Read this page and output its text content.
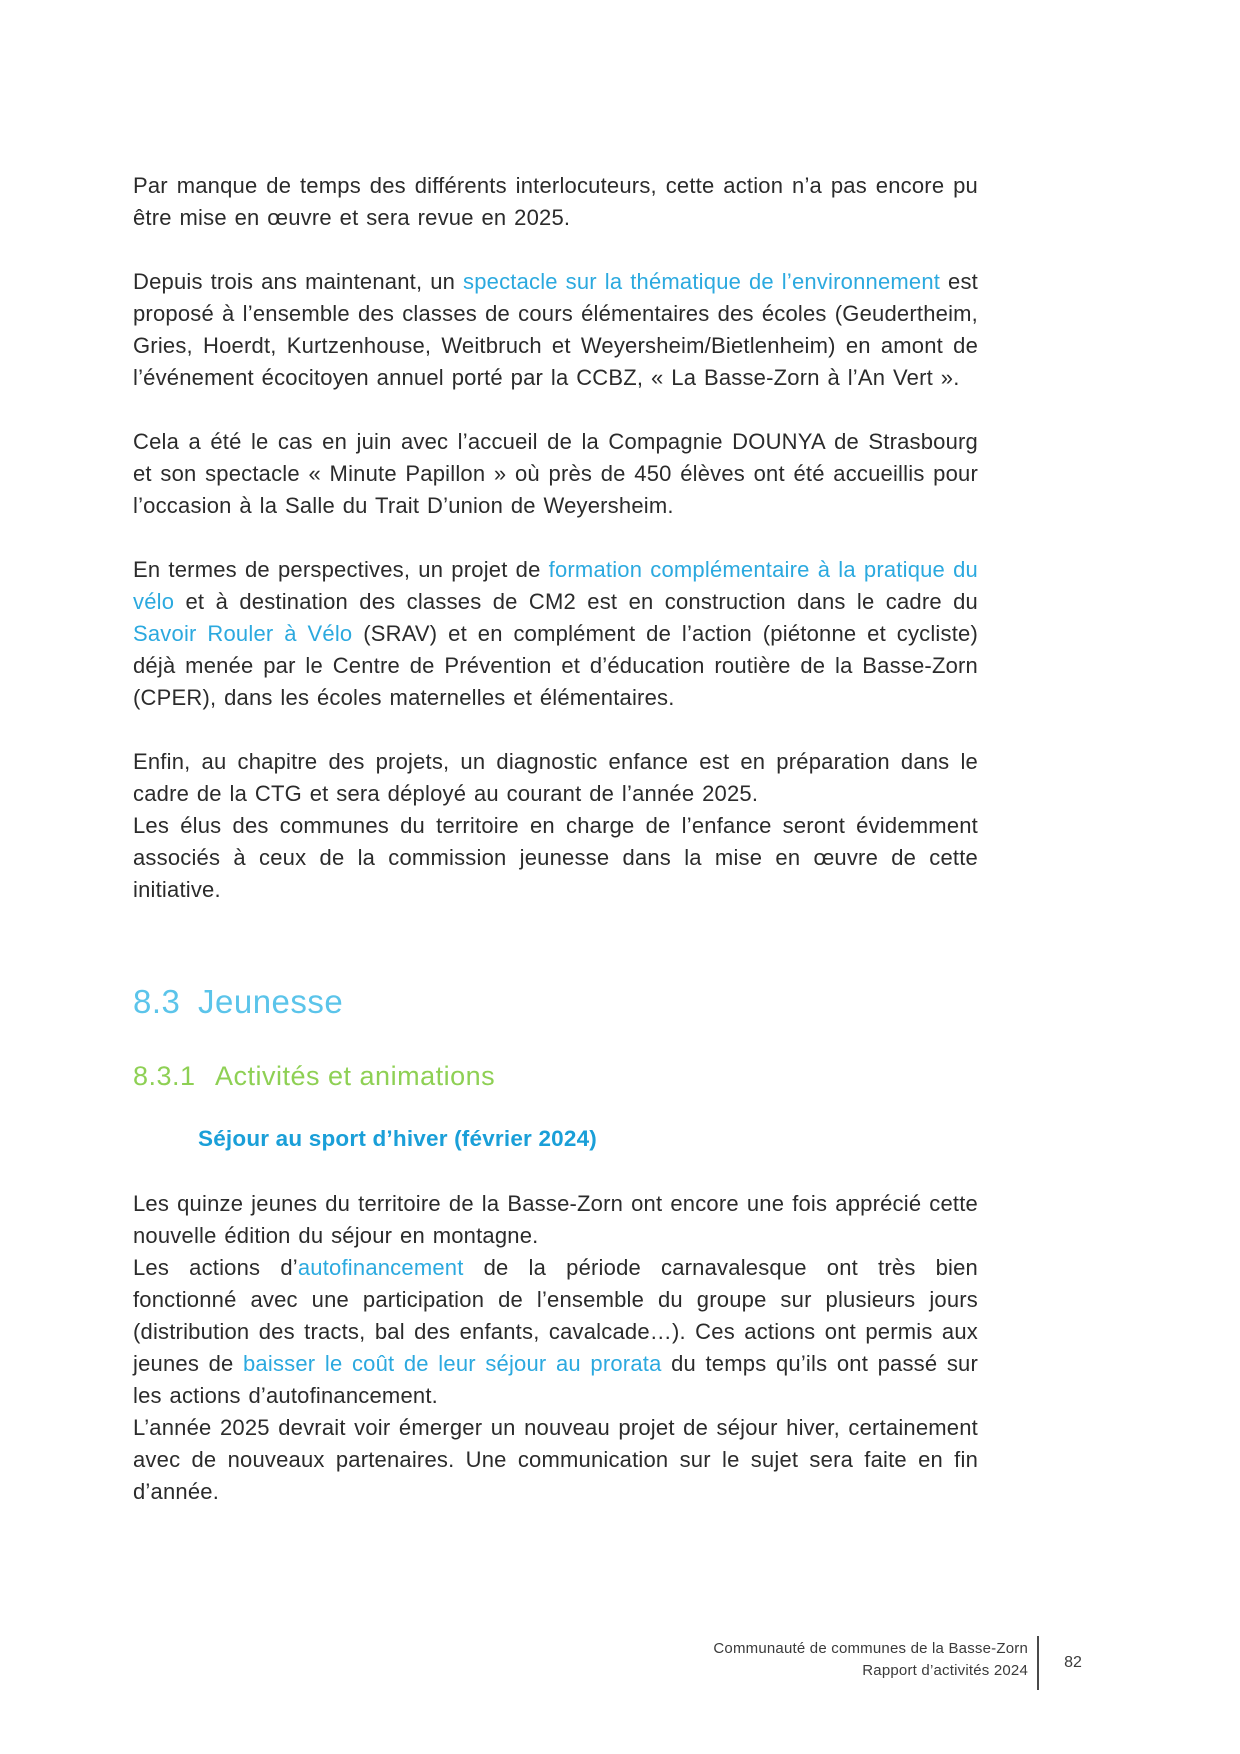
Par manque de temps des différents interlocuteurs, cette action n’a pas encore pu être mise en œuvre et sera revue en 2025.

Depuis trois ans maintenant, un spectacle sur la thématique de l’environnement est proposé à l’ensemble des classes de cours élémentaires des écoles (Geudertheim, Gries, Hoerdt, Kurtzenhouse, Weitbruch et Weyersheim/Bietlenheim) en amont de l’événement écocitoyen annuel porté par la CCBZ, « La Basse-Zorn à l’An Vert ».

Cela a été le cas en juin avec l’accueil de la Compagnie DOUNYA de Strasbourg et son spectacle « Minute Papillon » où près de 450 élèves ont été accueillis pour l’occasion à la Salle du Trait D’union de Weyersheim.

En termes de perspectives, un projet de formation complémentaire à la pratique du vélo et à destination des classes de CM2 est en construction dans le cadre du Savoir Rouler à Vélo (SRAV) et en complément de l’action (piétonne et cycliste) déjà menée par le Centre de Prévention et d’éducation routière de la Basse-Zorn (CPER), dans les écoles maternelles et élémentaires.

Enfin, au chapitre des projets, un diagnostic enfance est en préparation dans le cadre de la CTG et sera déployé au courant de l’année 2025.

Les élus des communes du territoire en charge de l’enfance seront évidemment associés à ceux de la commission jeunesse dans la mise en œuvre de cette initiative.

8.3 Jeunesse
8.3.1 Activités et animations
Séjour au sport d’hiver (février 2024)

Les quinze jeunes du territoire de la Basse-Zorn ont encore une fois apprécié cette nouvelle édition du séjour en montagne.

Les actions d’autofinancement de la période carnavalesque ont très bien fonctionné avec une participation de l’ensemble du groupe sur plusieurs jours (distribution des tracts, bal des enfants, cavalcade…). Ces actions ont permis aux jeunes de baisser le coût de leur séjour au prorata du temps qu’ils ont passé sur les actions d’autofinancement.

L’année 2025 devrait voir émerger un nouveau projet de séjour hiver, certainement avec de nouveaux partenaires. Une communication sur le sujet sera faite en fin d’année.

Communauté de communes de la Basse-Zorn
Rapport d’activités 2024	82
